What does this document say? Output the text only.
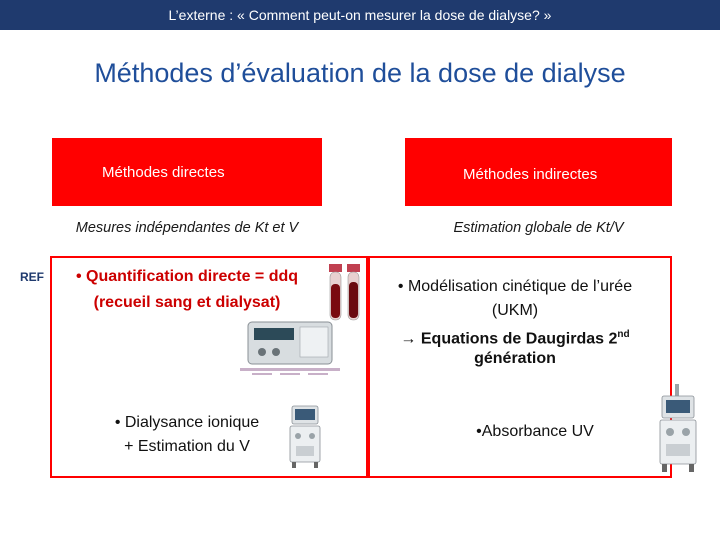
L’externe : « Comment peut-on mesurer la dose de dialyse? »
Méthodes d’évaluation de la dose de dialyse
Méthodes directes	Méthodes indirectes
Mesures indépendantes de Kt et V	Estimation globale de Kt/V
REF	• Quantification directe = ddq
(recueil sang et dialysat)
• Dialysance ionique
+ Estimation du V
• Modélisation cinétique de l’urée
(UKM)
→ Equations de Daugirdas 2nd
génération
•Absorbance UV
